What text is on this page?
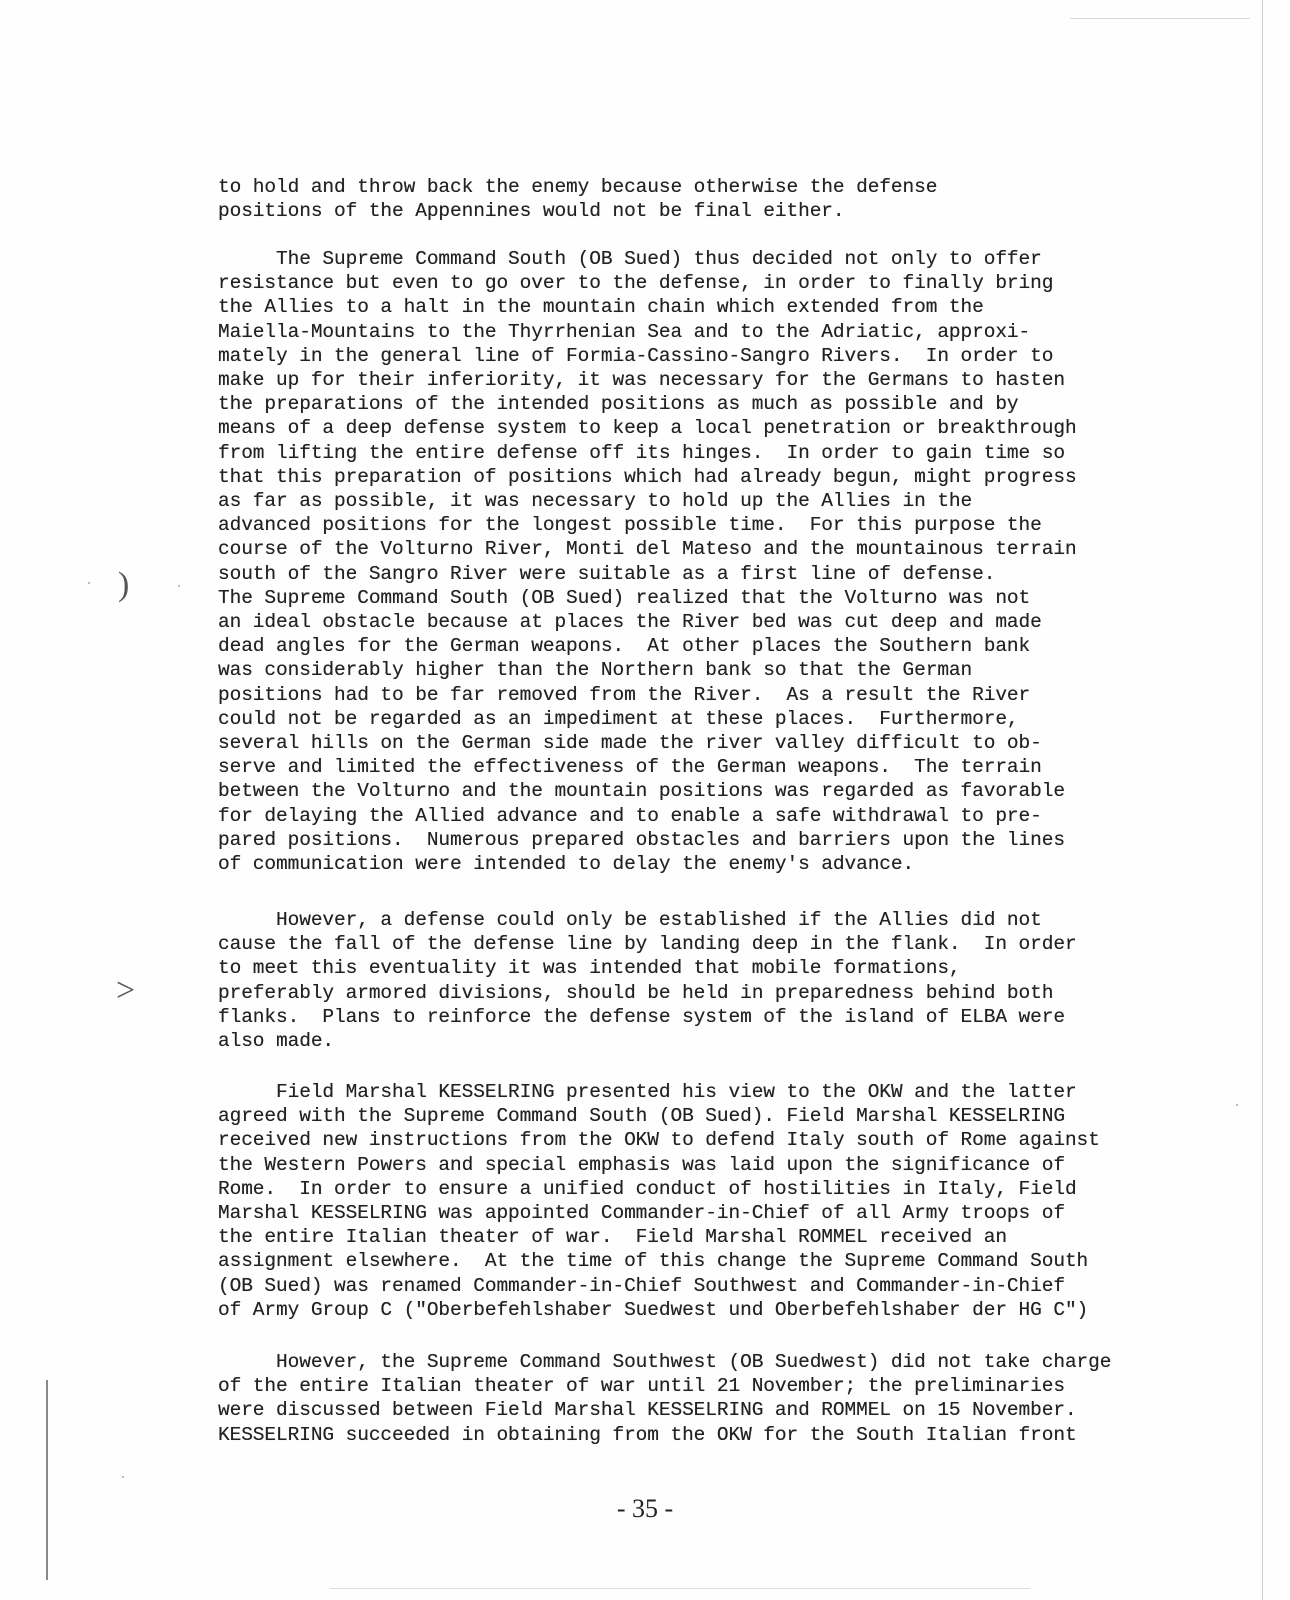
)
>
to hold and throw back the enemy because otherwise the defense
positions of the Appennines would not be final either.
The Supreme Command South (OB Sued) thus decided not only to offer
resistance but even to go over to the defense, in order to finally bring
the Allies to a halt in the mountain chain which extended from the
Maiella-Mountains to the Thyrrhenian Sea and to the Adriatic, approxi-
mately in the general line of Formia-Cassino-Sangro Rivers.  In order to
make up for their inferiority, it was necessary for the Germans to hasten
the preparations of the intended positions as much as possible and by
means of a deep defense system to keep a local penetration or breakthrough
from lifting the entire defense off its hinges.  In order to gain time so
that this preparation of positions which had already begun, might progress
as far as possible, it was necessary to hold up the Allies in the
advanced positions for the longest possible time.  For this purpose the
course of the Volturno River, Monti del Mateso and the mountainous terrain
south of the Sangro River were suitable as a first line of defense.
The Supreme Command South (OB Sued) realized that the Volturno was not
an ideal obstacle because at places the River bed was cut deep and made
dead angles for the German weapons.  At other places the Southern bank
was considerably higher than the Northern bank so that the German
positions had to be far removed from the River.  As a result the River
could not be regarded as an impediment at these places.  Furthermore,
several hills on the German side made the river valley difficult to ob-
serve and limited the effectiveness of the German weapons.  The terrain
between the Volturno and the mountain positions was regarded as favorable
for delaying the Allied advance and to enable a safe withdrawal to pre-
pared positions.  Numerous prepared obstacles and barriers upon the lines
of communication were intended to delay the enemy's advance.
However, a defense could only be established if the Allies did not
cause the fall of the defense line by landing deep in the flank.  In order
to meet this eventuality it was intended that mobile formations,
preferably armored divisions, should be held in preparedness behind both
flanks.  Plans to reinforce the defense system of the island of ELBA were
also made.
Field Marshal KESSELRING presented his view to the OKW and the latter
agreed with the Supreme Command South (OB Sued). Field Marshal KESSELRING
received new instructions from the OKW to defend Italy south of Rome against
the Western Powers and special emphasis was laid upon the significance of
Rome.  In order to ensure a unified conduct of hostilities in Italy, Field
Marshal KESSELRING was appointed Commander-in-Chief of all Army troops of
the entire Italian theater of war.  Field Marshal ROMMEL received an
assignment elsewhere.  At the time of this change the Supreme Command South
(OB Sued) was renamed Commander-in-Chief Southwest and Commander-in-Chief
of Army Group C ("Oberbefehlshaber Suedwest und Oberbefehlshaber der HG C")
However, the Supreme Command Southwest (OB Suedwest) did not take charge
of the entire Italian theater of war until 21 November; the preliminaries
were discussed between Field Marshal KESSELRING and ROMMEL on 15 November.
KESSELRING succeeded in obtaining from the OKW for the South Italian front
- 35 -
